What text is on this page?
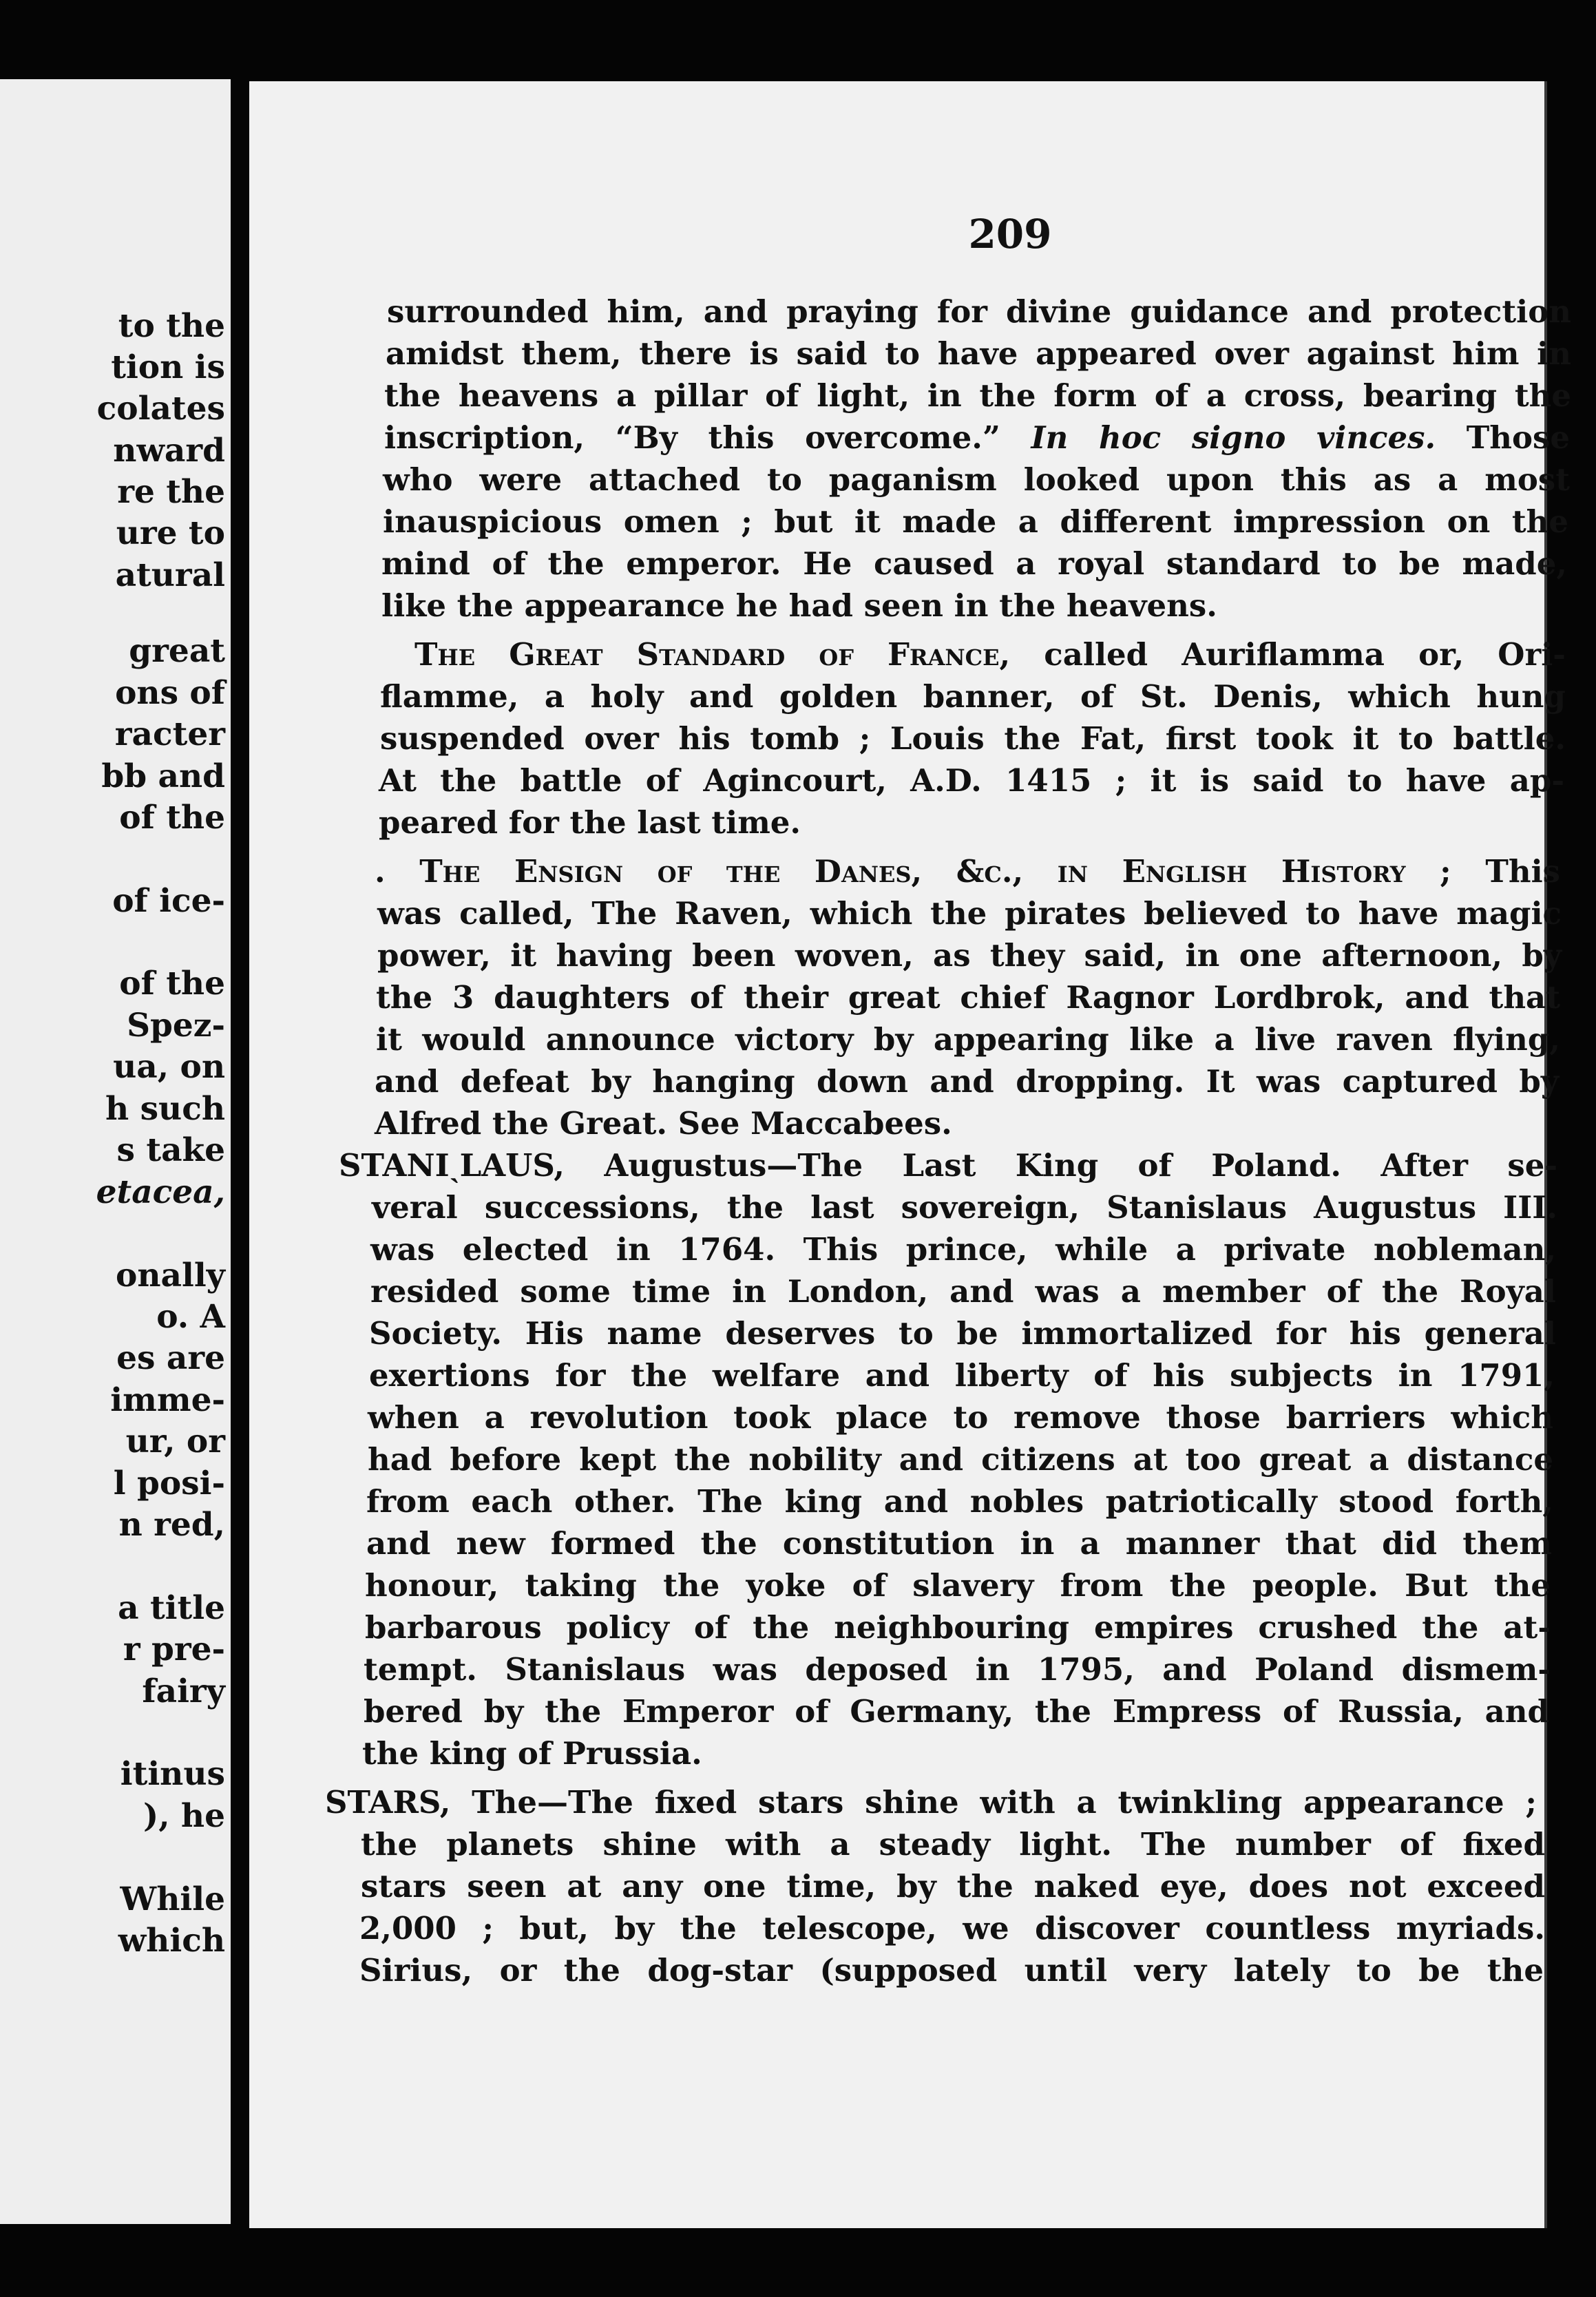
to the
tion is
colates
nward
re the
ure to
atural
great
ons of
racter
bb and
of the
of ice-
of the
Spez-
ua, on
h such
s take
etacea,
onally
o. A
es are
imme-
ur, or
l posi-
n red,
a title
r pre-
fairy
itinus
), he
While
which
209
surrounded him, and praying for divine guidance and protection
amidst them, there is said to have appeared over against him in
the heavens a pillar of light, in the form of a cross, bearing the
inscription, “By this overcome.” In hoc signo vinces. Those
who were attached to paganism looked upon this as a most
inauspicious omen ; but it made a different impression on the
mind of the emperor. He caused a royal standard to be made,
like the appearance he had seen in the heavens.
The Great Standard of France, called Auriflamma or, Ori-
flamme, a holy and golden banner, of St. Denis, which hung
suspended over his tomb ; Louis the Fat, first took it to battle.
At the battle of Agincourt, A.D. 1415 ; it is said to have ap-
peared for the last time.
. The Ensign of the Danes, &c., in English History ; This
was called, The Raven, which the pirates believed to have magic
power, it having been woven, as they said, in one afternoon, by
the 3 daughters of their great chief Ragnor Lordbrok, and that
it would announce victory by appearing like a live raven flying,
and defeat by hanging down and dropping. It was captured by
Alfred the Great. See Maccabees.
STANIˎLAUS, Augustus—The Last King of Poland. After se-
veral successions, the last sovereign, Stanislaus Augustus III.
was elected in 1764. This prince, while a private nobleman,
resided some time in London, and was a member of the Royal
Society. His name deserves to be immortalized for his general
exertions for the welfare and liberty of his subjects in 1791,
when a revolution took place to remove those barriers which
had before kept the nobility and citizens at too great a distance
from each other. The king and nobles patriotically stood forth,
and new formed the constitution in a manner that did them
honour, taking the yoke of slavery from the people. But the
barbarous policy of the neighbouring empires crushed the at-
tempt. Stanislaus was deposed in 1795, and Poland dismem-
bered by the Emperor of Germany, the Empress of Russia, and
the king of Prussia.
STARS, The—The fixed stars shine with a twinkling appearance ;
the planets shine with a steady light. The number of fixed
stars seen at any one time, by the naked eye, does not exceed
2,000 ; but, by the telescope, we discover countless myriads.
Sirius, or the dog-star (supposed until very lately to be the
